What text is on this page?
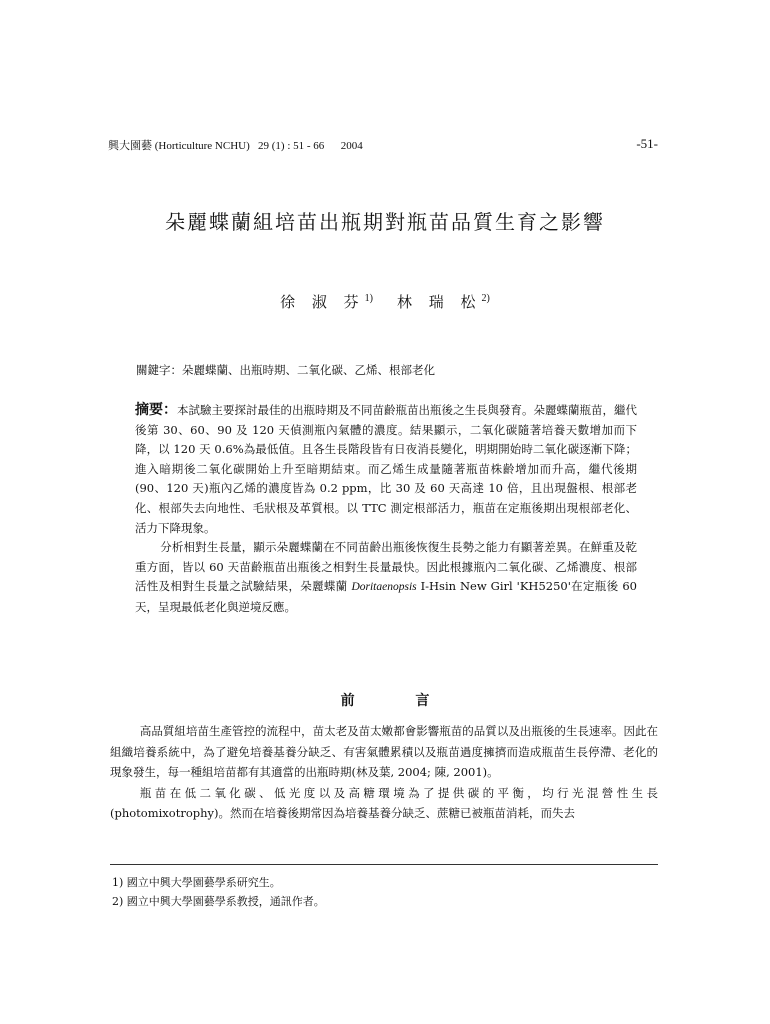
興大園藝 (Horticulture NCHU)   29 (1) : 51 - 66      2004	-51-
朵麗蝶蘭組培苗出瓶期對瓶苗品質生育之影響
徐 淑 芬$^{1)}$ 林 瑞 松$^{2)}$
關鍵字：朵麗蝶蘭、出瓶時期、二氧化碳、乙烯、根部老化

摘要：本試驗主要探討最佳的出瓶時期及不同苗齡瓶苗出瓶後之生長與發育。朵麗蝶蘭瓶苗，繼代後第 30、60、90 及 120 天偵測瓶內氣體的濃度。結果顯示，二氧化碳隨著培養天數增加而下降，以 120 天 0.6%為最低值。且各生長階段皆有日夜消長變化，明期開始時二氧化碳逐漸下降；進入暗期後二氧化碳開始上升至暗期結束。而乙烯生成量隨著瓶苗株齡增加而升高，繼代後期(90、120 天)瓶內乙烯的濃度皆為 0.2 ppm，比 30 及 60 天高達 10 倍，且出現盤根、根部老化、根部失去向地性、毛狀根及革質根。以 TTC 測定根部活力，瓶苗在定瓶後期出現根部老化、活力下降現象。

分析相對生長量，顯示朵麗蝶蘭在不同苗齡出瓶後恢復生長勢之能力有顯著差異。在鮮重及乾重方面，皆以 60 天苗齡瓶苗出瓶後之相對生長量最快。因此根據瓶內二氧化碳、乙烯濃度、根部活性及相對生長量之試驗結果，朵麗蝶蘭 Doritaenopsis I-Hsin New Girl 'KH5250'在定瓶後 60 天，呈現最低老化與逆境反應。

前 言

高品質組培苗生產管控的流程中，苗太老及苗太嫩都會影響瓶苗的品質以及出瓶後的生長速率。因此在組織培養系統中，為了避免培養基養分缺乏、有害氣體累積以及瓶苗過度擁擠而造成瓶苗生長停滯、老化的現象發生，每一種組培苗都有其適當的出瓶時期(林及葉, 2004; 陳, 2001)。

瓶苗在低二氧化碳、低光度以及高糖環境為了提供碳的平衡，均行光混營性生長 (photomixotrophy)。然而在培養後期常因為培養基養分缺乏、蔗糖已被瓶苗消耗，而失去

1) 國立中興大學園藝學系研究生。
2) 國立中興大學園藝學系教授，通訊作者。
